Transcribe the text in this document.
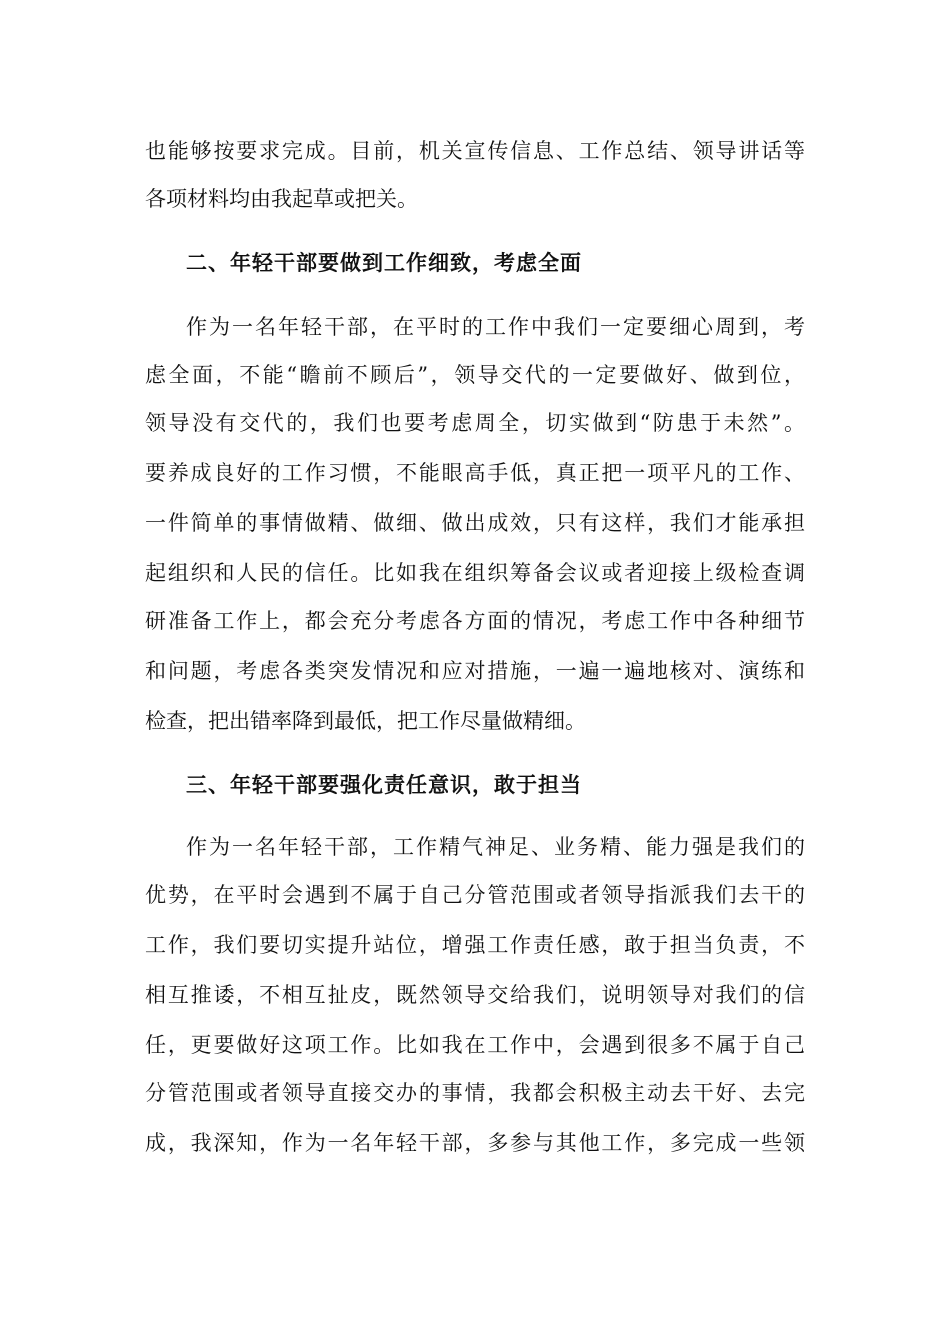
也能够按要求完成。目前，机关宣传信息、工作总结、领导讲话等
各项材料均由我起草或把关。
二、年轻干部要做到工作细致，考虑全面
作为一名年轻干部，在平时的工作中我们一定要细心周到，考
虑全面，不能“瞻前不顾后”，领导交代的一定要做好、做到位，
领导没有交代的，我们也要考虑周全，切实做到“防患于未然”。
要养成良好的工作习惯，不能眼高手低，真正把一项平凡的工作、
一件简单的事情做精、做细、做出成效，只有这样，我们才能承担
起组织和人民的信任。比如我在组织筹备会议或者迎接上级检查调
研准备工作上，都会充分考虑各方面的情况，考虑工作中各种细节
和问题，考虑各类突发情况和应对措施，一遍一遍地核对、演练和
检查，把出错率降到最低，把工作尽量做精细。
三、年轻干部要强化责任意识，敢于担当
作为一名年轻干部，工作精气神足、业务精、能力强是我们的
优势，在平时会遇到不属于自己分管范围或者领导指派我们去干的
工作，我们要切实提升站位，增强工作责任感，敢于担当负责，不
相互推诿，不相互扯皮，既然领导交给我们，说明领导对我们的信
任，更要做好这项工作。比如我在工作中，会遇到很多不属于自己
分管范围或者领导直接交办的事情，我都会积极主动去干好、去完
成，我深知，作为一名年轻干部，多参与其他工作，多完成一些领
